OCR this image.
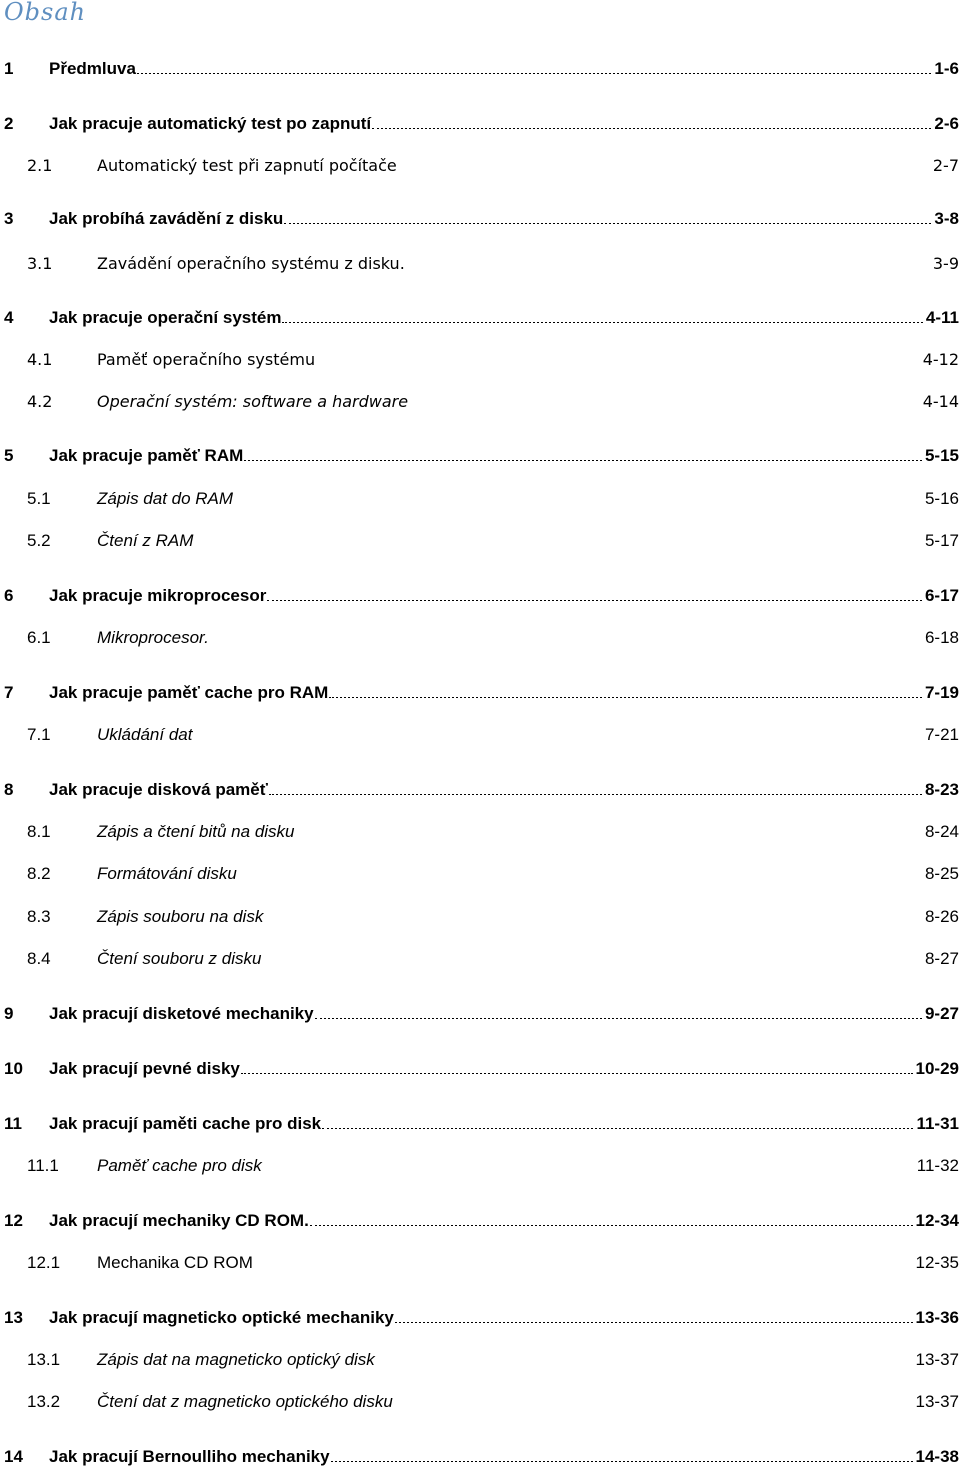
Obsah
1	Předmluva	1-6
2	Jak pracuje automatický test po zapnutí	2-6
2.1	Automatický test při zapnutí počítače	2-7
3	Jak probíhá zavádění z disku	3-8
3.1	Zavádění operačního systému z disku.	3-9
4	Jak pracuje operační systém	4-11
4.1	Paměť operačního systému	4-12
4.2	Operační systém: software a hardware	4-14
5	Jak pracuje paměť RAM	5-15
5.1	Zápis dat do RAM	5-16
5.2	Čtení z RAM	5-17
6	Jak pracuje mikroprocesor	6-17
6.1	Mikroprocesor.	6-18
7	Jak pracuje paměť cache pro RAM	7-19
7.1	Ukládání dat	7-21
8	Jak pracuje disková paměť	8-23
8.1	Zápis a čtení bitů na disku	8-24
8.2	Formátování disku	8-25
8.3	Zápis souboru na disk	8-26
8.4	Čtení souboru z disku	8-27
9	Jak pracují disketové mechaniky	9-27
10	Jak pracují pevné disky	10-29
11	Jak pracují paměti cache pro disk	11-31
11.1	Paměť cache pro disk	11-32
12	Jak pracují mechaniky CD ROM.	12-34
12.1	Mechanika CD ROM	12-35
13	Jak pracují magneticko optické mechaniky	13-36
13.1	Zápis dat na magneticko optický disk	13-37
13.2	Čtení dat z magneticko optického disku	13-37
14	Jak pracují Bernoulliho mechaniky	14-38
